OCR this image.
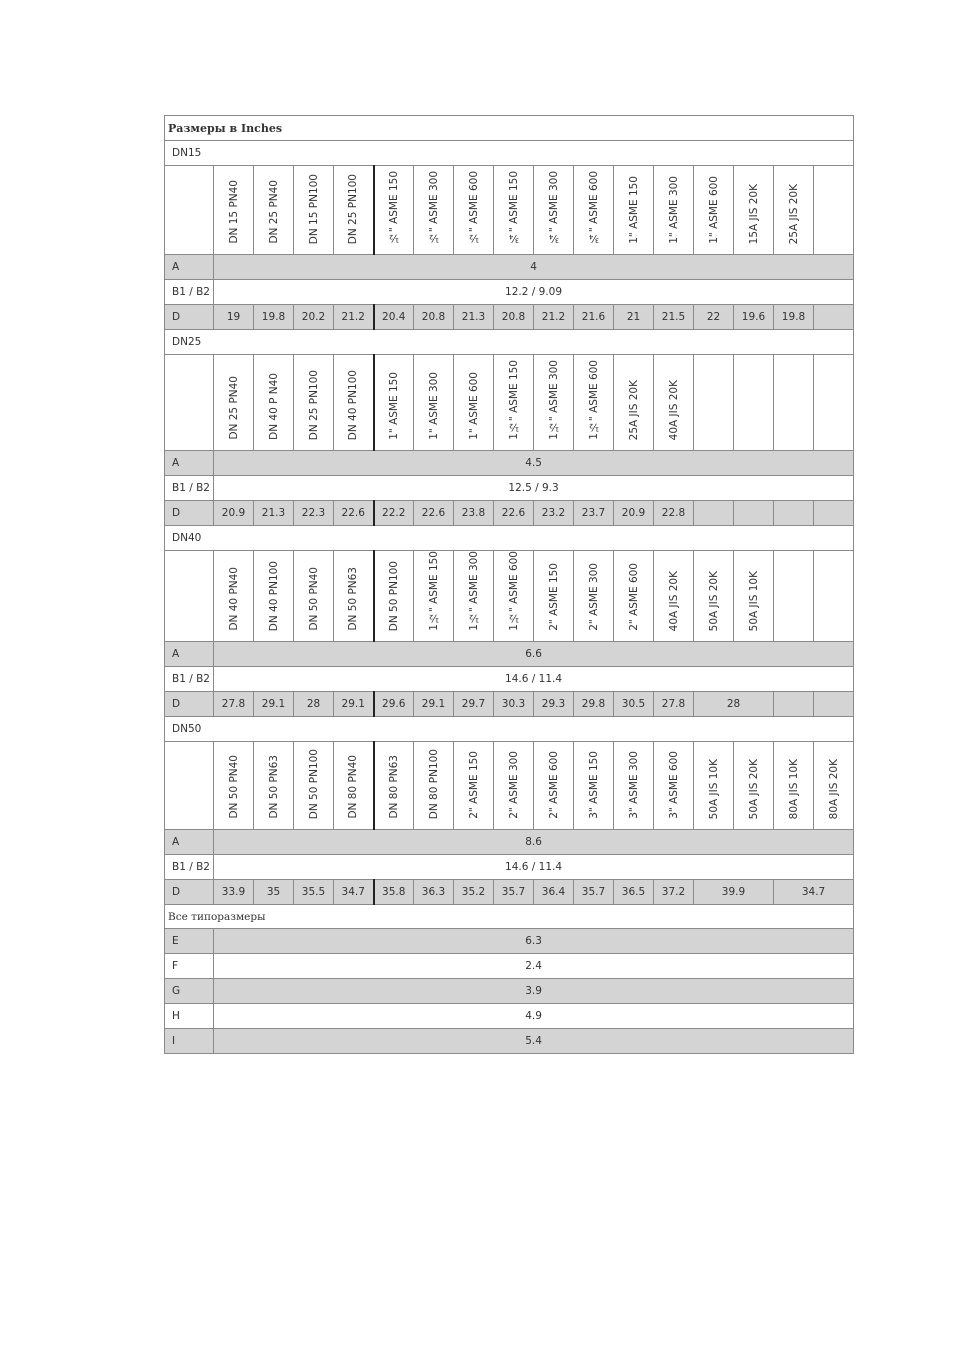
Размеры в Inches																
DN15																
	DN 15 PN40	DN 25 PN40	DN 15 PN100	DN 25 PN100	½" ASME 150	½" ASME 300	½" ASME 600	¾" ASME 150	¾" ASME 300	¾" ASME 600	1" ASME 150	1" ASME 300	1" ASME 600	15A JIS 20K	25A JIS 20K	
A	4															
B1 / B2	12.2 / 9.09															
D	19	19.8	20.2	21.2	20.4	20.8	21.3	20.8	21.2	21.6	21	21.5	22	19.6	19.8	
DN25																
	DN 25 PN40	DN 40 P N40	DN 25 PN100	DN 40 PN100	1" ASME 150	1" ASME 300	1" ASME 600	1½" ASME 150	1½" ASME 300	1½" ASME 600	25A JIS 20K	40A JIS 20K				
A	4.5															
B1 / B2	12.5 / 9.3															
D	20.9	21.3	22.3	22.6	22.2	22.6	23.8	22.6	23.2	23.7	20.9	22.8				
DN40																
	DN 40 PN40	DN 40 PN100	DN 50 PN40	DN 50 PN63	DN 50 PN100	1½" ASME 150	1½" ASME 300	1½" ASME 600	2" ASME 150	2" ASME 300	2" ASME 600	40A JIS 20K	50A JIS 20K	50A JIS 10K		
A	6.6															
B1 / B2	14.6 / 11.4															
D	27.8	29.1	28	29.1	29.6	29.1	29.7	30.3	29.3	29.8	30.5	27.8	28			
DN50																
	DN 50 PN40	DN 50 PN63	DN 50 PN100	DN 80 PN40	DN 80 PN63	DN 80 PN100	2" ASME 150	2" ASME 300	2" ASME 600	3" ASME 150	3" ASME 300	3" ASME 600	50A JIS 10K	50A JIS 20K	80A JIS 10K	80A JIS 20K
A	8.6															
B1 / B2	14.6 / 11.4															
D	33.9	35	35.5	34.7	35.8	36.3	35.2	35.7	36.4	35.7	36.5	37.2	39.9		34.7	
Все типоразмеры																
E	6.3															
F	2.4															
G	3.9															
H	4.9															
I	5.4															
